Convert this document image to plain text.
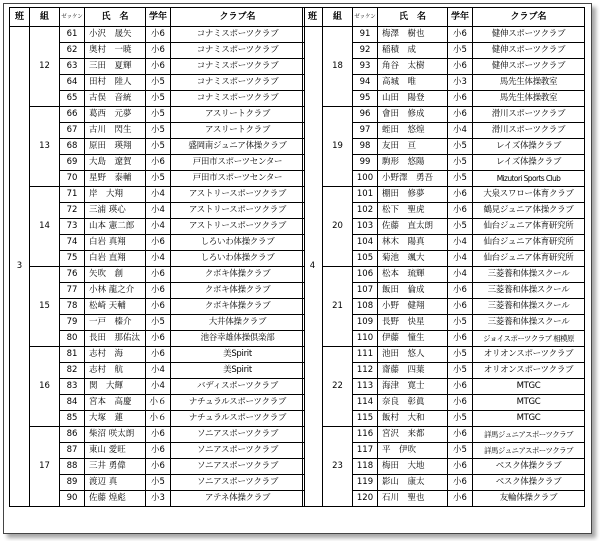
班	組	ゼッケン	氏　名	学年	クラブ名
3	12	61	小沢　晟矢	小6	コナミスポーツクラブ
		62	奥村　一暁	小6	コナミスポーツクラブ
		63	三田　夏輝	小6	コナミスポーツクラブ
		64	田村　陸人	小5	コナミスポーツクラブ
		65	古俣　音統	小5	コナミスポーツクラブ
	13	66	葛西　元夢	小5	アスリートクラブ
		67	古川　閃生	小5	アスリートクラブ
		68	原田　瑛翔	小5	盛岡南ジュニア体操クラブ
		69	大島　遼賀	小6	戸田市スポーツセンター
		70	星野　泰輔	小5	戸田市スポーツセンター
	14	71	岸　大翔	小4	アストリースポーツクラブ
		72	三浦 瑛心	小4	アストリースポーツクラブ
		73	山本 憲二郎	小4	アストリースポーツクラブ
		74	白岩 真翔	小6	しろいわ体操クラブ
		75	白岩 直翔	小4	しろいわ体操クラブ
	15	76	矢吹　創	小6	クボキ体操クラブ
		77	小林 龍之介	小6	クボキ体操クラブ
		78	松崎 天輔	小6	クボキ体操クラブ
		79	一戸　榛介	小5	大井体操クラブ
		80	長田　那佑汰	小6	池谷幸雄体操倶楽部
	16	81	志村　海	小6	美Spirit
		82	志村　航	小4	美Spirit
		83	関　大輝	小4	バディスポーツクラブ
		84	宮本　高慶	小６	ナチュラルスポーツクラブ
		85	大塚　蓮	小６	ナチュラルスポーツクラブ
	17	86	柴沼 咲太朗	小6	ソニアスポーツクラブ
		87	東山 愛旺	小6	ソニアスポーツクラブ
		88	三井 勇偉	小6	ソニアスポーツクラブ
		89	渡辺 真	小5	ソニアスポーツクラブ
		90	佐藤 煌彪	小3	アテネ体操クラブ
班	組	ゼッケン	氏　名	学年	クラブ名
4	18	91	梅澤　樹也	小6	健伸スポーツクラブ
		92	稲積　成	小5	健伸スポーツクラブ
		93	角谷　太樹	小6	健伸スポーツクラブ
		94	高城　唯	小3	馬先生体操教室
		95	山田　陽登	小6	馬先生体操教室
	19	96	會田　修成	小6	滑川スポーツクラブ
		97	蛭田　悠煌	小4	滑川スポーツクラブ
		98	友田　亘	小5	レイズ体操クラブ
		99	駒形　悠陽	小5	レイズ体操クラブ
		100	小野澤　勇吾	小5	Mizutori Sports Club
	20	101	棚田　修夢	小6	大泉スワロー体育クラブ
		102	松下　聖虎	小6	鶴見ジュニア体操クラブ
		103	佐藤　直太朗	小5	仙台ジュニア体育研究所
		104	林木　陽真	小4	仙台ジュニア体育研究所
		105	菊池　颯大	小4	仙台ジュニア体育研究所
	21	106	松本　琉輝	小4	三菱養和体操スクール
		107	飯田　倫成	小6	三菱養和体操スクール
		108	小野　健翔	小6	三菱養和体操スクール
		109	長野　快星	小5	三菱養和体操スクール
		110	伊藤　憧生	小6	ジョイスポーツクラブ 相模原
	22	111	池田　悠人	小5	オリオンスポーツクラブ
		112	齋藤　四葉	小5	オリオンスポーツクラブ
		113	海津　寛士	小6	MTGC
		114	奈良　彰眞	小6	MTGC
		115	飯村　大和	小5	MTGC
	23	116	宮沢　来都	小6	詳馬ジュニアスポーツクラブ
		117	平　伊吹	小5	詳馬ジュニアスポーツクラブ
		118	梅田　大地	小6	ベスク体操クラブ
		119	影山　康太	小6	ベスク体操クラブ
		120	石川　聖也	小6	友輪体操クラブ
